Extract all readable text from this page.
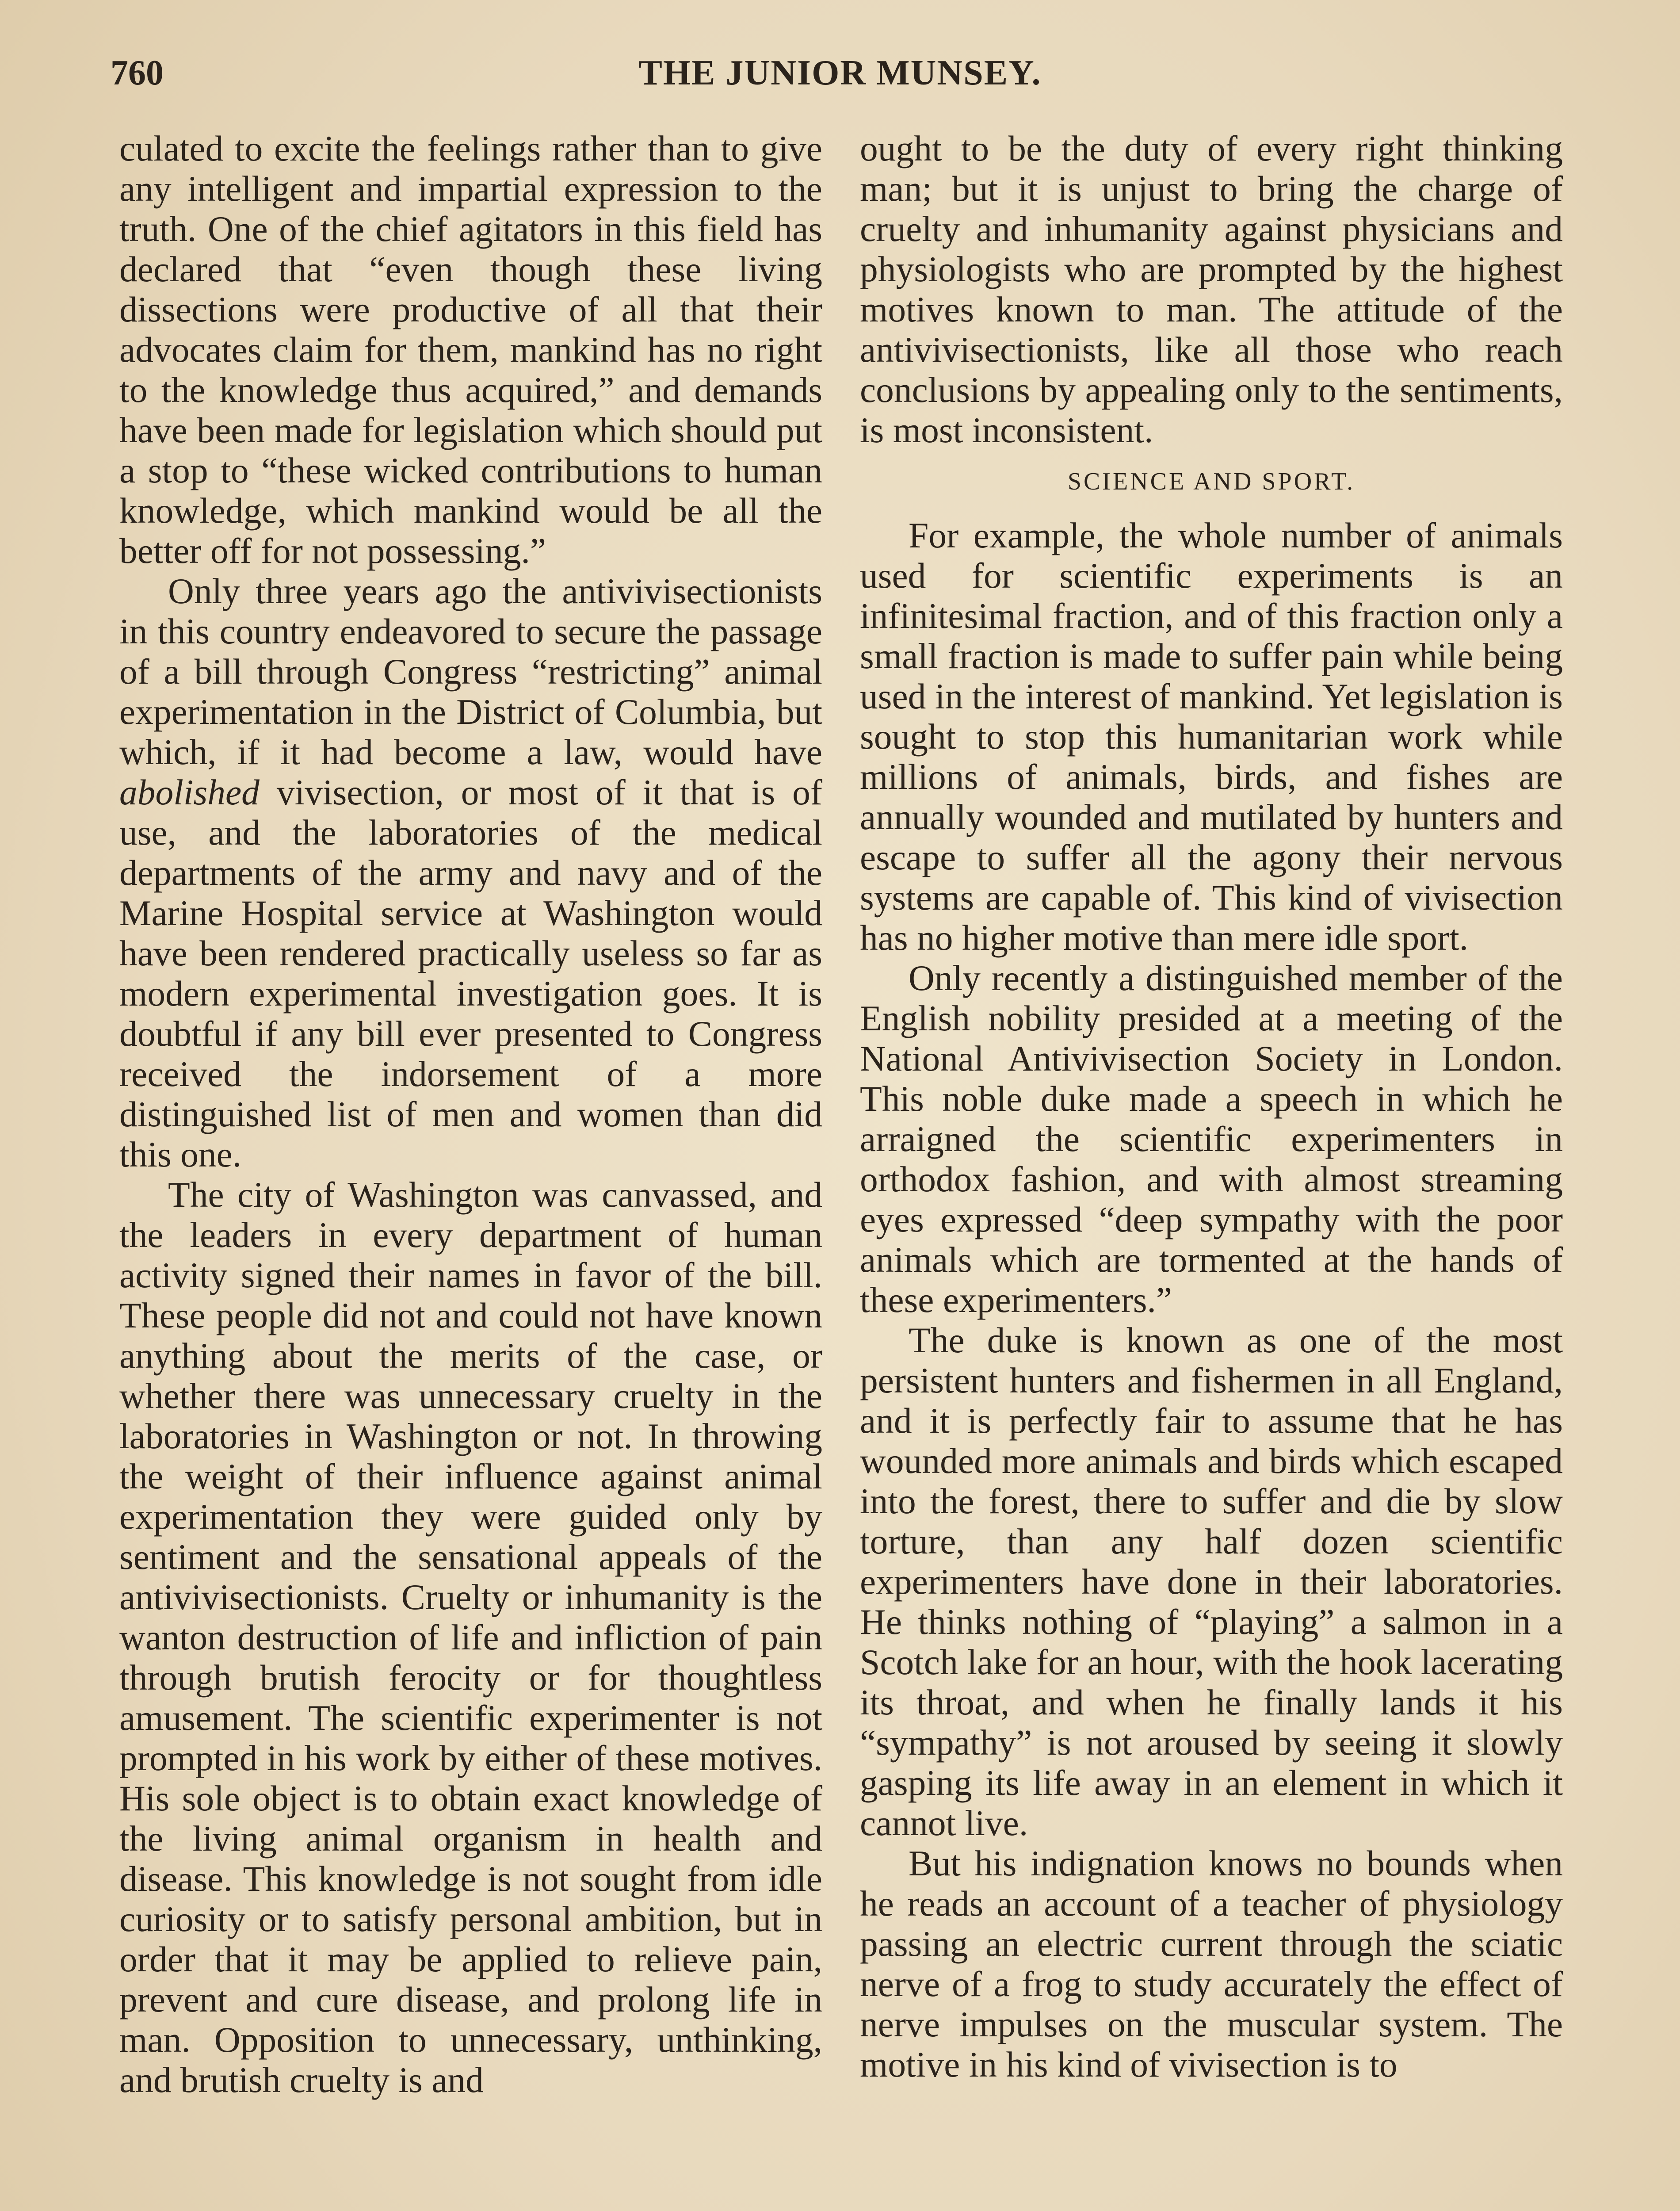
760	THE JUNIOR MUNSEY.

culated to excite the feelings rather than to give any intelligent and impartial expression to the truth. One of the chief agitators in this field has declared that “even though these living dissections were productive of all that their advocates claim for them, mankind has no right to the knowledge thus acquired,” and demands have been made for legislation which should put a stop to “these wicked contributions to human knowledge, which mankind would be all the better off for not possessing.”

Only three years ago the antivivisectionists in this country endeavored to secure the passage of a bill through Congress “restricting” animal experimentation in the District of Columbia, but which, if it had become a law, would have abolished vivisection, or most of it that is of use, and the laboratories of the medical departments of the army and navy and of the Marine Hospital service at Washington would have been rendered practically useless so far as modern experimental investigation goes. It is doubtful if any bill ever presented to Congress received the indorsement of a more distinguished list of men and women than did this one.

The city of Washington was canvassed, and the leaders in every department of human activity signed their names in favor of the bill. These people did not and could not have known anything about the merits of the case, or whether there was unnecessary cruelty in the laboratories in Washington or not. In throwing the weight of their influence against animal experimentation they were guided only by sentiment and the sensational appeals of the antivivisectionists. Cruelty or inhumanity is the wanton destruction of life and infliction of pain through brutish ferocity or for thoughtless amusement. The scientific experimenter is not prompted in his work by either of these motives. His sole object is to obtain exact knowledge of the living animal organism in health and disease. This knowledge is not sought from idle curiosity or to satisfy personal ambition, but in order that it may be applied to relieve pain, prevent and cure disease, and prolong life in man. Opposition to unnecessary, unthinking, and brutish cruelty is and

ought to be the duty of every right thinking man; but it is unjust to bring the charge of cruelty and inhumanity against physicians and physiologists who are prompted by the highest motives known to man. The attitude of the antivivisectionists, like all those who reach conclusions by appealing only to the sentiments, is most inconsistent.

SCIENCE AND SPORT.

For example, the whole number of animals used for scientific experiments is an infinitesimal fraction, and of this fraction only a small fraction is made to suffer pain while being used in the interest of mankind. Yet legislation is sought to stop this humanitarian work while millions of animals, birds, and fishes are annually wounded and mutilated by hunters and escape to suffer all the agony their nervous systems are capable of. This kind of vivisection has no higher motive than mere idle sport.

Only recently a distinguished member of the English nobility presided at a meeting of the National Antivivisection Society in London. This noble duke made a speech in which he arraigned the scientific experimenters in orthodox fashion, and with almost streaming eyes expressed “deep sympathy with the poor animals which are tormented at the hands of these experimenters.”

The duke is known as one of the most persistent hunters and fishermen in all England, and it is perfectly fair to assume that he has wounded more animals and birds which escaped into the forest, there to suffer and die by slow torture, than any half dozen scientific experimenters have done in their laboratories. He thinks nothing of “playing” a salmon in a Scotch lake for an hour, with the hook lacerating its throat, and when he finally lands it his “sympathy” is not aroused by seeing it slowly gasping its life away in an element in which it cannot live.

But his indignation knows no bounds when he reads an account of a teacher of physiology passing an electric current through the sciatic nerve of a frog to study accurately the effect of nerve impulses on the muscular system. The motive in his kind of vivisection is to
